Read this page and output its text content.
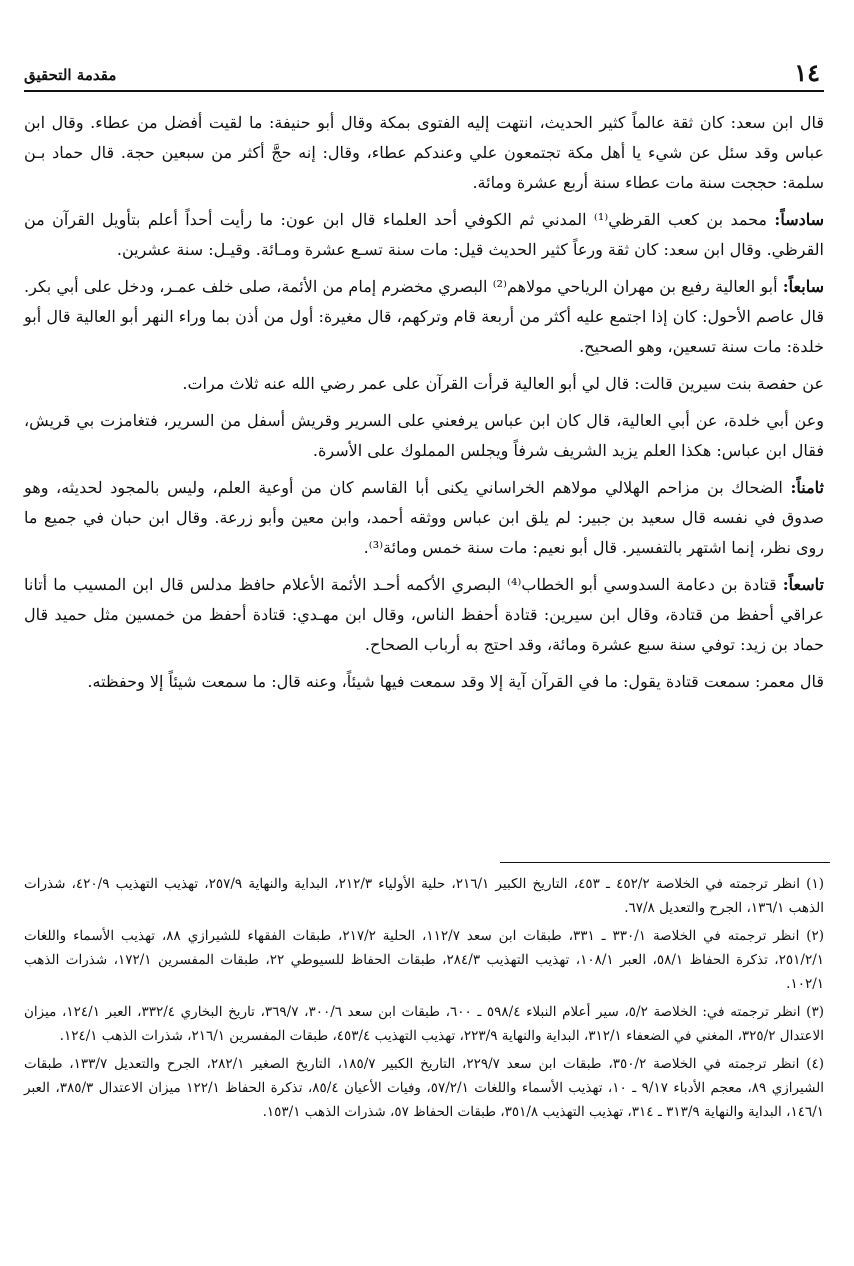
١٤
مقدمة التحقيق

قال ابن سعد: كان ثقة عالماً كثير الحديث، انتهت إليه الفتوى بمكة وقال أبو حنيفة: ما لقيت أفضل من عطاء. وقال ابن عباس وقد سئل عن شيء يا أهل مكة تجتمعون علي وعندكم عطاء، وقال: إنه حجَّ أكثر من سبعين حجة. قال حماد بـن سلمة: حججت سنة مات عطاء سنة أربع عشرة ومائة.

سادساً: محمد بن كعب القرظي⁽¹⁾ المدني ثم الكوفي أحد العلماء قال ابن عون: ما رأيت أحداً أعلم بتأويل القرآن من القرظي. وقال ابن سعد: كان ثقة ورعاً كثير الحديث قيل: مات سنة تسـع عشرة ومـائة. وقيـل: سنة عشرين.

سابعاً: أبو العالية رفيع بن مهران الرياحي مولاهم⁽²⁾ البصري مخضرم إمام من الأئمة، صلى خلف عمـر، ودخل على أبي بكر. قال عاصم الأحول: كان إذا اجتمع عليه أكثر من أربعة قام وتركهم، قال مغيرة: أول من أذن بما وراء النهر أبو العالية قال أبو خلدة: مات سنة تسعين، وهو الصحيح.

عن حفصة بنت سيرين قالت: قال لي أبو العالية قرأت القرآن على عمر رضي الله عنه ثلاث مرات.

وعن أبي خلدة، عن أبي العالية، قال كان ابن عباس يرفعني على السرير وقريش أسفل من السرير، فتغامزت بي قريش، فقال ابن عباس: هكذا العلم يزيد الشريف شرفاً ويجلس المملوك على الأسرة.

ثامناً: الضحاك بن مزاحم الهلالي مولاهم الخراساني يكنى أبا القاسم كان من أوعية العلم، وليس بالمجود لحديثه، وهو صدوق في نفسه قال سعيد بن جبير: لم يلق ابن عباس ووثقه أحمد، وابن معين وأبو زرعة. وقال ابن حبان في جميع ما روى نظر، إنما اشتهر بالتفسير. قال أبو نعيم: مات سنة خمس ومائة⁽³⁾.

تاسعاً: قتادة بن دعامة السدوسي أبو الخطاب⁽⁴⁾ البصري الأكمه أحـد الأئمة الأعلام حافظ مدلس قال ابن المسيب ما أتانا عراقي أحفظ من قتادة، وقال ابن سيرين: قتادة أحفظ الناس، وقال ابن مهـدي: قتادة أحفظ من خمسين مثل حميد قال حماد بن زيد: توفي سنة سبع عشرة ومائة، وقد احتج به أرباب الصحاح.

قال معمر: سمعت قتادة يقول: ما في القرآن آية إلا وقد سمعت فيها شيئاً، وعنه قال: ما سمعت شيئاً إلا وحفظته.

(١) انظر ترجمته في الخلاصة ٤٥٢/٢ ـ ٤٥٣، التاريخ الكبير ٢١٦/١، حلية الأولياء ٢١٢/٣، البداية والنهاية ٢٥٧/٩، تهذيب التهذيب ٤٢٠/٩، شذرات الذهب ١٣٦/١، الجرح والتعديل ٦٧/٨.

(٢) انظر ترجمته في الخلاصة ٣٣٠/١ ـ ٣٣١، طبقات ابن سعد ١١٢/٧، الحلية ٢١٧/٢، طبقات الفقهاء للشيرازي ٨٨، تهذيب الأسماء واللغات ٢٥١/٢/١، تذكرة الحفاظ ٥٨/١، العبر ١٠٨/١، تهذيب التهذيب ٢٨٤/٣، طبقات الحفاظ للسيوطي ٢٢، طبقات المفسرين ١٧٢/١، شذرات الذهب ١٠٢/١.

(٣) انظر ترجمته في: الخلاصة ٥/٢، سير أعلام النبلاء ٥٩٨/٤ ـ ٦٠٠، طبقات ابن سعد ٣٠٠/٦، ٣٦٩/٧، تاريخ البخاري ٣٣٢/٤، العبر ١٢٤/١، ميزان الاعتدال ٣٢٥/٢، المغني في الضعفاء ٣١٢/١، البداية والنهاية ٢٢٣/٩، تهذيب التهذيب ٤٥٣/٤، طبقات المفسرين ٢١٦/١، شذرات الذهب ١٢٤/١.

(٤) انظر ترجمته في الخلاصة ٣٥٠/٢، طبقات ابن سعد ٢٢٩/٧، التاريخ الكبير ١٨٥/٧، التاريخ الصغير ٢٨٢/١، الجرح والتعديل ١٣٣/٧، طبقات الشيرازي ٨٩، معجم الأدباء ٩/١٧ ـ ١٠، تهذيب الأسماء واللغات ٥٧/٢/١، وفيات الأعيان ٨٥/٤، تذكرة الحفاظ ١٢٢/١ ميزان الاعتدال ٣٨٥/٣، العبر ١٤٦/١، البداية والنهاية ٣١٣/٩ ـ ٣١٤، تهذيب التهذيب ٣٥١/٨، طبقات الحفاظ ٥٧، شذرات الذهب ١٥٣/١.
